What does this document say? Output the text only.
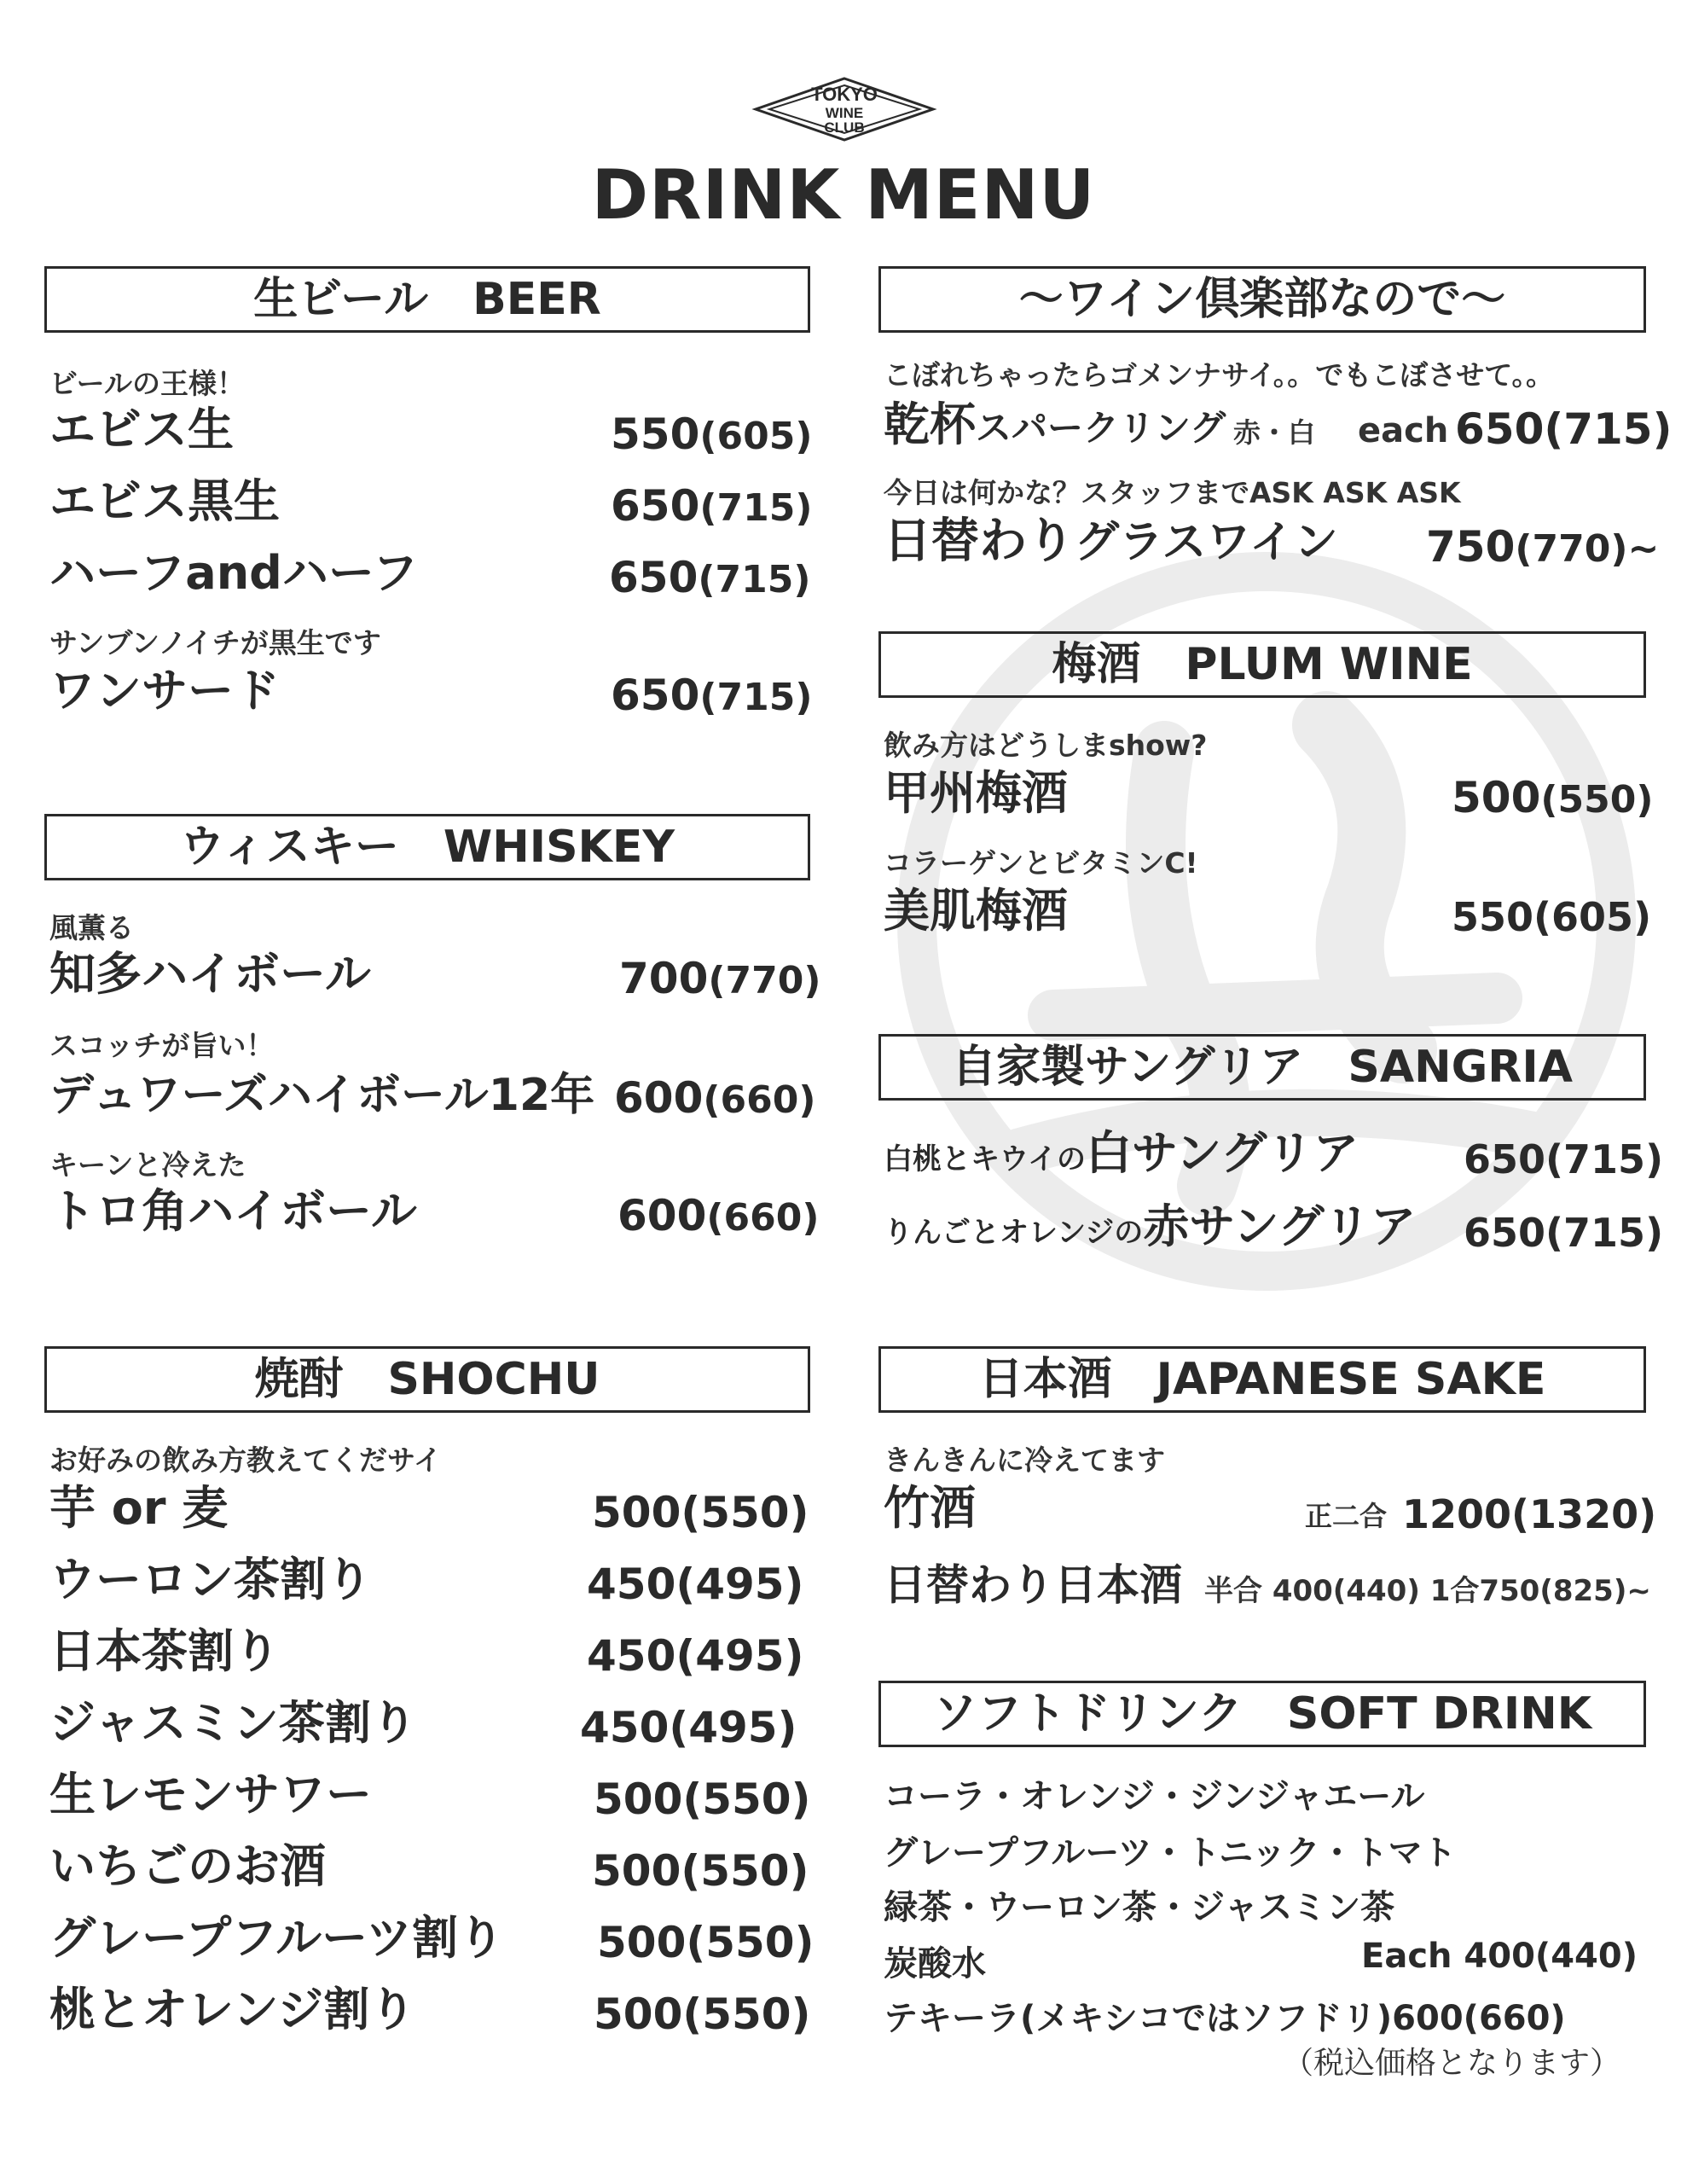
TOKYO
WINE
CLUB
DRINK MENU
生ビール　BEER
ビールの王様！
エビス生	550(605)
エビス黒生	650(715)
ハーフandハーフ	650(715)
サンブンノイチが黒生です
ワンサード	650(715)
ウィスキー　WHISKEY
風薫る
知多ハイボール	700(770)
スコッチが旨い！
デュワーズハイボール12年 600(660)
キーンと冷えた
トロ角ハイボール	600(660)
焼酎　SHOCHU
お好みの飲み方教えてくだサイ
芋 or 麦	500(550)
ウーロン茶割り	450(495)
日本茶割り	450(495)
ジャスミン茶割り	450(495)
生レモンサワー	500(550)
いちごのお酒	500(550)
グレープフルーツ割り 500(550)
桃とオレンジ割り	500(550)
〜ワイン倶楽部なので〜
こぼれちゃったらゴメンナサイ。。でもこぼさせて。。
乾杯スパークリング 赤・白 each 650(715)
今日は何かな？スタッフまでASK ASK ASK
日替わりグラスワイン 750(770)~
梅酒　PLUM WINE
飲み方はどうしまshow?
甲州梅酒	500(550)
コラーゲンとビタミンC!
美肌梅酒	550(605)
自家製サングリア　SANGRIA
白桃とキウイの白サングリア	650(715)
りんごとオレンジの赤サングリア 650(715)
日本酒　JAPANESE SAKE
きんきんに冷えてます
竹酒	正二合 1200(1320)
日替わり日本酒 半合 400(440) 1合750(825)~
ソフトドリンク　SOFT DRINK
コーラ・オレンジ・ジンジャエール
グレープフルーツ・トニック・トマト
緑茶・ウーロン茶・ジャスミン茶
炭酸水	Each 400(440)
テキーラ(メキシコではソフドリ)600(660)
（税込価格となります）
